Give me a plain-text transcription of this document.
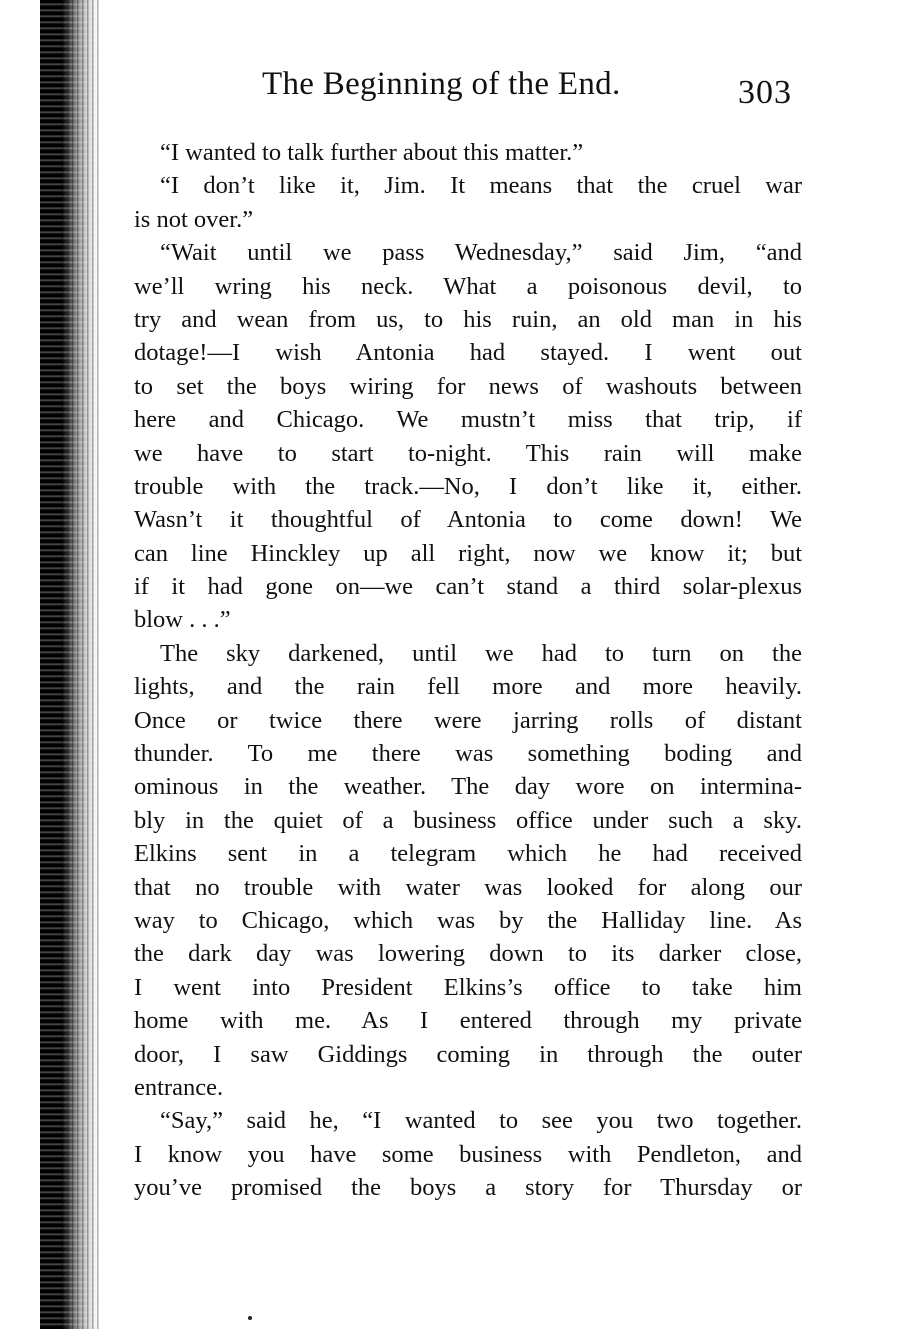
The Beginning of the End.	303
“I wanted to talk further about this matter.”
“I don’t like it, Jim. It means that the cruel war
is not over.”
“Wait until we pass Wednesday,” said Jim, “and
we’ll wring his neck. What a poisonous devil, to
try and wean from us, to his ruin, an old man in his
dotage!—I wish Antonia had stayed. I went out
to set the boys wiring for news of washouts between
here and Chicago. We mustn’t miss that trip, if
we have to start to-night. This rain will make
trouble with the track.—No, I don’t like it, either.
Wasn’t it thoughtful of Antonia to come down! We
can line Hinckley up all right, now we know it; but
if it had gone on—we can’t stand a third solar-plexus
blow . . .”
The sky darkened, until we had to turn on the
lights, and the rain fell more and more heavily.
Once or twice there were jarring rolls of distant
thunder. To me there was something boding and
ominous in the weather. The day wore on intermina-
bly in the quiet of a business office under such a sky.
Elkins sent in a telegram which he had received
that no trouble with water was looked for along our
way to Chicago, which was by the Halliday line. As
the dark day was lowering down to its darker close,
I went into President Elkins’s office to take him
home with me. As I entered through my private
door, I saw Giddings coming in through the outer
entrance.
“Say,” said he, “I wanted to see you two together.
I know you have some business with Pendleton, and
you’ve promised the boys a story for Thursday or
